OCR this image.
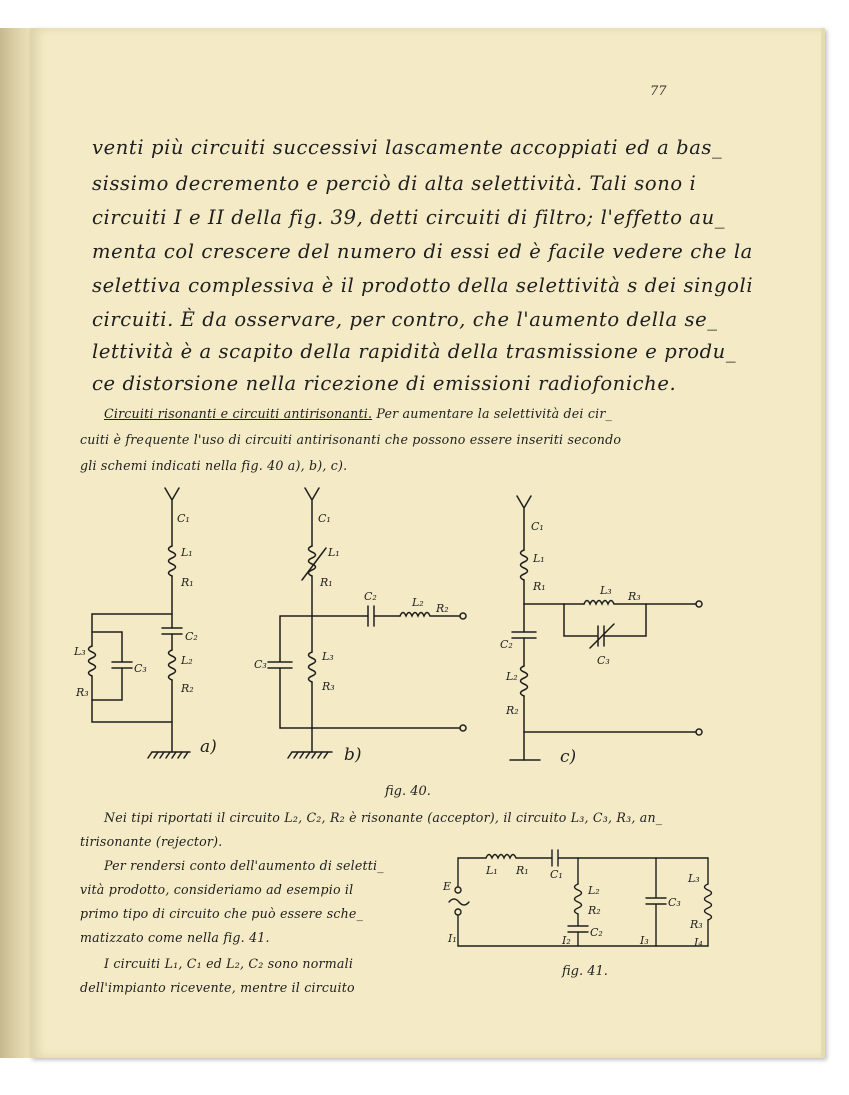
77
venti più circuiti successivi lascamente accoppiati ed a bas_
sissimo decremento e perciò di alta selettività. Tali sono i
circuiti I e II della fig. 39, detti circuiti di filtro; l'effetto au_
menta col crescere del numero di essi ed è facile vedere che la
selettiva complessiva è il prodotto della selettività s dei singoli
circuiti. È da osservare, per contro, che l'aumento della se_
lettività è a scapito della rapidità della trasmissione e produ_
ce distorsione nella ricezione di emissioni radiofoniche.
Circuiti risonanti e circuiti antirisonanti. Per aumentare la selettività dei cir_
cuiti è frequente l'uso di circuiti antirisonanti che possono essere inseriti secondo
gli schemi indicati nella fig. 40 a), b), c).
C₁
L₁
R₁
C₂
L₂
R₂
L₃
C₃
R₃
a)
C₁
L₁
R₁
C₂	L₂ R₂
C₃
L₃
R₃
b)
C₁
L₁
R₁	L₃ R₃
C₃
C₂
L₂
R₂
c)
fig. 40.
Nei tipi riportati il circuito L₂, C₂, R₂ è risonante (acceptor), il circuito L₃, C₃, R₃, an_
tirisonante (rejector).
Per rendersi conto dell'aumento di seletti_
vità prodotto, consideriamo ad esempio il
primo tipo di circuito che può essere sche_
matizzato come nella fig. 41.
I circuiti L₁, C₁ ed L₂, C₂ sono normali
dell'impianto ricevente, mentre il circuito
E
I₁
L₁ R₁ C₁
L₂
R₂
C₂
I₂
C₃
I₃
L₃
R₃
I₄
fig. 41.
